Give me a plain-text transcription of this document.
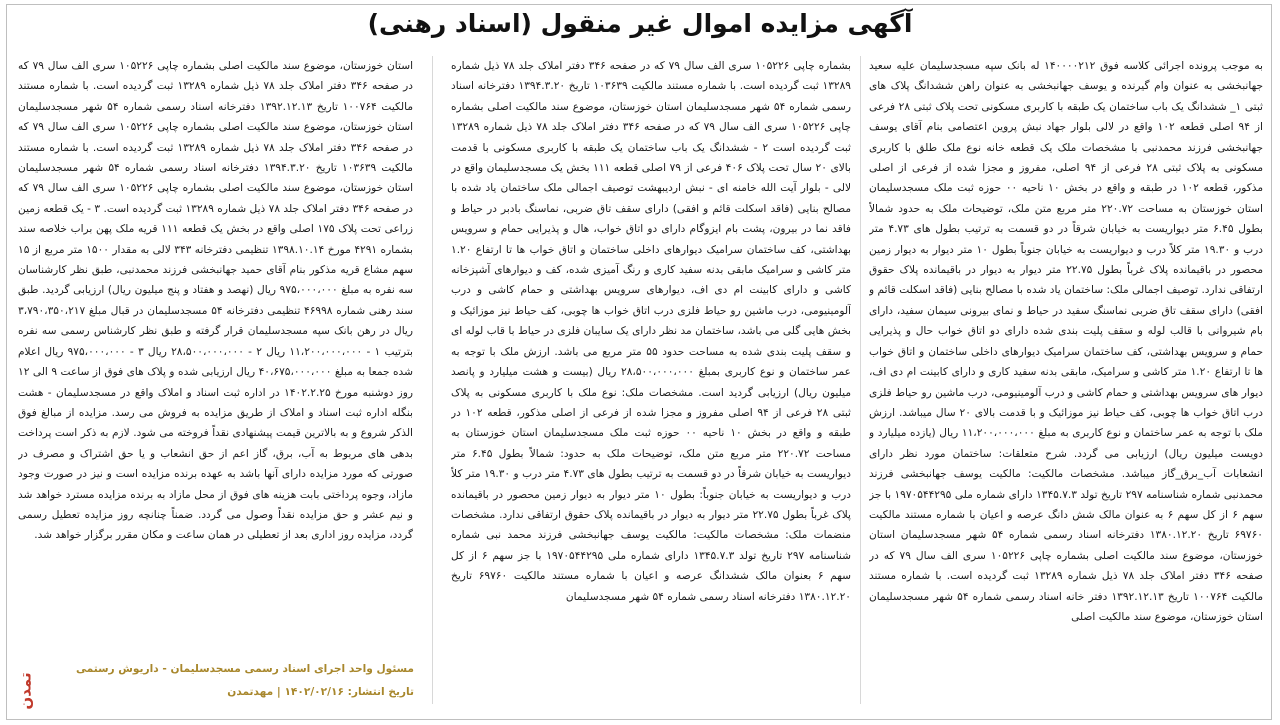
آگهی مزایده اموال غیر منقول (اسناد رهنی)
به موجب پرونده اجرائی کلاسه فوق ۱۴۰۰۰۰۲۱۲ له بانک سپه مسجدسلیمان علیه سعید جهانبخشی به عنوان وام گیرنده و یوسف جهانبخشی به عنوان راهن ششدانگ پلاک های ثبتی ۱_ ششدانگ یک باب ساختمان یک طبقه با کاربری مسکونی تحت پلاک ثبتی ۲۸ فرعی از ۹۴ اصلی قطعه ۱۰۲ واقع در لالی بلوار جهاد نبش پروین اعتصامی بنام آقای یوسف جهانبخشی فرزند محمدنبی با مشخصات ملک یک قطعه خانه نوع ملک طلق با کاربری مسکونی به پلاک ثبتی ۲۸ فرعی از ۹۴ اصلی، مفروز و مجزا شده از فرعی از اصلی مذکور، قطعه ۱۰۲ در طبقه و واقع در بخش ۱۰ ناحیه ۰۰ حوزه ثبت ملک مسجدسلیمان استان خوزستان به مساحت ۲۲۰.۷۲ متر مربع متن ملک، توضیحات ملک به حدود شمالاً بطول ۶.۴۵ متر دیواریست به خیابان شرقاً در دو قسمت به ترتیب بطول های ۴.۷۳ متر درب و ۱۹.۳۰ متر کلاً درب و دیواریست به خیابان جنوباً بطول ۱۰ متر دیوار به دیوار زمین محصور در باقیمانده پلاک غرباً بطول ۲۲.۷۵ متر دیوار به دیوار در باقیمانده پلاک حقوق ارتفاقی ندارد. توصیف اجمالی ملک: ساختمان یاد شده با مصالح بنایی (فاقد اسکلت قائم و افقی) دارای سقف تاق ضربی نماسنگ سفید در حیاط و نمای بیرونی سیمان سفید، دارای بام شیروانی با قالب لوله و سقف پلیت بندی شده دارای دو اتاق خواب حال و پذیرایی حمام و سرویس بهداشتی، کف ساختمان سرامیک دیوارهای داخلی ساختمان و اتاق خواب ها تا ارتفاع ۱.۲۰ متر کاشی و سرامیک، مابقی بدنه سفید کاری و دارای کابینت ام دی اف، دیوار های سرویس بهداشتی و حمام کاشی و درب آلومینیومی، درب ماشین رو حیاط فلزی درب اتاق خواب ها چوبی، کف حیاط نیز موزائیک و با قدمت بالای ۲۰ سال میباشد. ارزش ملک با توجه به عمر ساختمان و نوع کاربری به مبلغ ۱۱،۲۰۰،۰۰۰،۰۰۰ ریال (یازده میلیارد و دویست میلیون ریال) ارزیابی می گردد. شرح متعلقات: ساختمان مورد نظر دارای انشعابات آب_برق_گاز میباشد. مشخصات مالکیت: مالکیت یوسف جهانبخشی فرزند محمدنبی شماره شناسنامه ۲۹۷ تاریخ تولد ۱۳۴۵.۷.۳ دارای شماره ملی ۱۹۷۰۵۴۴۲۹۵ با جز سهم ۶ از کل سهم ۶ به عنوان مالک شش دانگ عرصه و اعیان با شماره مستند مالکیت ۶۹۷۶۰ تاریخ ۱۳۸۰.۱۲.۲۰ دفترخانه اسناد رسمی شماره ۵۴ شهر مسجدسلیمان استان خوزستان، موضوع سند مالکیت اصلی بشماره چاپی ۱۰۵۲۲۶ سری الف سال ۷۹ که در صفحه ۳۴۶ دفتر املاک جلد ۷۸ ذیل شماره ۱۳۲۸۹ ثبت گردیده است. با شماره مستند مالکیت ۱۰۰۷۶۴ تاریخ ۱۳۹۲.۱۲.۱۳ دفتر خانه اسناد رسمی شماره ۵۴ شهر مسجدسلیمان استان خوزستان، موضوع سند مالکیت اصلی
بشماره چاپی ۱۰۵۲۲۶ سری الف سال ۷۹ که در صفحه ۳۴۶ دفتر املاک جلد ۷۸ ذیل شماره ۱۳۲۸۹ ثبت گردیده است. با شماره مستند مالکیت ۱۰۳۶۳۹ تاریخ ۱۳۹۴.۳.۲۰ دفترخانه اسناد رسمی شماره ۵۴ شهر مسجدسلیمان استان خوزستان، موضوع سند مالکیت اصلی بشماره چاپی ۱۰۵۲۲۶ سری الف سال ۷۹ که در صفحه ۳۴۶ دفتر املاک جلد ۷۸ ذیل شماره ۱۳۲۸۹ ثبت گردیده است ۲ - ششدانگ یک باب ساختمان یک طبقه با کاربری مسکونی با قدمت بالای ۲۰ سال تحت پلاک ۴۰۶ فرعی از ۷۹ اصلی قطعه ۱۱۱ بخش یک مسجدسلیمان واقع در لالی - بلوار آیت الله خامنه ای - نبش اردیبهشت توصیف اجمالی ملک ساختمان یاد شده با مصالح بنایی (فاقد اسکلت قائم و افقی) دارای سقف تاق ضربی، نماسنگ بادبر در حیاط و فاقد نما در بیرون، پشت بام ایزوگام دارای دو اتاق خواب، هال و پذیرایی حمام و سرویس بهداشتی، کف ساختمان سرامیک دیوارهای داخلی ساختمان و اتاق خواب ها تا ارتفاع ۱.۲۰ متر کاشی و سرامیک مابقی بدنه سفید کاری و رنگ آمیزی شده، کف و دیوارهای آشپزخانه کاشی و دارای کابینت ام دی اف، دیوارهای سرویس بهداشتی و حمام کاشی و درب آلومینیومی، درب ماشین رو حیاط فلزی درب اتاق خواب ها چوبی، کف حیاط نیز موزائیک و بخش هایی گلی می باشد، ساختمان مد نظر دارای یک سایبان فلزی در حیاط با قاب لوله ای و سقف پلیت بندی شده به مساحت حدود ۵۵ متر مربع می باشد. ارزش ملک با توجه به عمر ساختمان و نوع کاربری بمبلغ ۲۸،۵۰۰،۰۰۰،۰۰۰ ریال (بیست و هشت میلیارد و پانصد میلیون ریال) ارزیابی گردید است. مشخصات ملک: نوع ملک با کاربری مسکونی به پلاک ثبتی ۲۸ فرعی از ۹۴ اصلی مفروز و مجزا شده از فرعی از اصلی مذکور، قطعه ۱۰۲ در طبقه و واقع در بخش ۱۰ ناحیه ۰۰ حوزه ثبت ملک مسجدسلیمان استان خوزستان به مساحت ۲۲۰.۷۲ متر مربع متن ملک، توضیحات ملک به حدود: شمالاً بطول ۶.۴۵ متر دیواریست به خیابان شرقاً در دو قسمت به ترتیب بطول های ۴.۷۳ متر درب و ۱۹.۳۰ متر کلاً درب و دیواریست به خیابان جنوباً: بطول ۱۰ متر دیوار به دیوار زمین محصور در باقیمانده پلاک غرباً بطول ۲۲.۷۵ متر دیوار به دیوار در باقیمانده پلاک حقوق ارتفاقی ندارد. مشخصات منضمات ملک: مشخصات مالکیت: مالکیت یوسف جهانبخشی فرزند محمد نبی شماره شناسنامه ۲۹۷ تاریخ تولد ۱۳۴۵.۷.۳ دارای شماره ملی ۱۹۷۰۵۴۴۲۹۵ با جز سهم ۶ از کل سهم ۶ بعنوان مالک ششدانگ عرصه و اعیان با شماره مستند مالکیت ۶۹۷۶۰ تاریخ ۱۳۸۰.۱۲.۲۰ دفترخانه اسناد رسمی شماره ۵۴ شهر مسجدسلیمان
استان خوزستان، موضوع سند مالکیت اصلی بشماره چاپی ۱۰۵۲۲۶ سری الف سال ۷۹ که در صفحه ۳۴۶ دفتر املاک جلد ۷۸ ذیل شماره ۱۳۲۸۹ ثبت گردیده است. با شماره مستند مالکیت ۱۰۰۷۶۴ تاریخ ۱۳۹۲.۱۲.۱۳ دفترخانه اسناد رسمی شماره ۵۴ شهر مسجدسلیمان استان خوزستان، موضوع سند مالکیت اصلی بشماره چاپی ۱۰۵۲۲۶ سری الف سال ۷۹ که در صفحه ۳۴۶ دفتر املاک جلد ۷۸ ذیل شماره ۱۳۲۸۹ ثبت گردیده است. با شماره مستند مالکیت ۱۰۳۶۳۹ تاریخ ۱۳۹۴.۳.۲۰ دفترخانه اسناد رسمی شماره ۵۴ شهر مسجدسلیمان استان خوزستان، موضوع سند مالکیت اصلی بشماره چاپی ۱۰۵۲۲۶ سری الف سال ۷۹ که در صفحه ۳۴۶ دفتر املاک جلد ۷۸ ذیل شماره ۱۳۲۸۹ ثبت گردیده است. ۳ - یک قطعه زمین زراعی تحت پلاک ۱۷۵ اصلی واقع در بخش یک قطعه ۱۱۱ قریه ملک پهن براب خلاصه سند بشماره ۴۲۹۱ مورخ ۱۳۹۸.۱۰.۱۴ تنظیمی دفترخانه ۳۴۳ لالی به مقدار ۱۵۰۰ متر مربع از ۱۵ سهم مشاع قریه مذکور بنام آقای حمید جهانبخشی فرزند محمدنبی، طبق نظر کارشناسان سه نفره به مبلغ ۹۷۵،۰۰۰،۰۰۰ ریال (نهصد و هفتاد و پنج میلیون ریال) ارزیابی گردید. طبق سند رهنی شماره ۴۶۹۹۸ تنظیمی دفترخانه ۵۴ مسجدسلیمان در قبال مبلغ ۳،۷۹۰،۳۵۰،۲۱۷ ریال در رهن بانک سپه مسجدسلیمان قرار گرفته و طبق نظر کارشناس رسمی سه نفره بترتیب ۱ - ۱۱،۲۰۰،۰۰۰،۰۰۰ ریال ۲ - ۲۸،۵۰۰،۰۰۰،۰۰۰ ریال ۳ - ۹۷۵،۰۰۰،۰۰۰ ریال اعلام شده جمعا به مبلغ ۴۰،۶۷۵،۰۰۰،۰۰۰ ریال ارزیابی شده و پلاک های فوق از ساعت ۹ الی ۱۲ روز دوشنبه مورخ ۱۴۰۲.۲.۲۵ در اداره ثبت اسناد و املاک واقع در مسجدسلیمان - هشت بنگله اداره ثبت اسناد و املاک از طریق مزایده به فروش می رسد. مزایده از مبالغ فوق الذکر شروع و به بالاترین قیمت پیشنهادی نقداً فروخته می شود. لازم به ذکر است پرداخت بدهی های مربوط به آب، برق، گاز اعم از حق انشعاب و یا حق اشتراک و مصرف در صورتی که مورد مزایده دارای آنها باشد به عهده برنده مزایده است و نیز در صورت وجود مازاد، وجوه پرداختی بابت هزینه های فوق از محل مازاد به برنده مزایده مسترد خواهد شد و نیم عشر و حق مزایده نقداً وصول می گردد. ضمناً چنانچه روز مزایده تعطیل رسمی گردد، مزایده روز اداری بعد از تعطیلی در همان ساعت و مکان مقرر برگزار خواهد شد.
مسئول واحد اجرای اسناد رسمی مسجدسلیمان - داریوش رستمی
تاریخ انتشار: ۱۴۰۲/۰۲/۱۶ | مهدتمدن
تمدن
